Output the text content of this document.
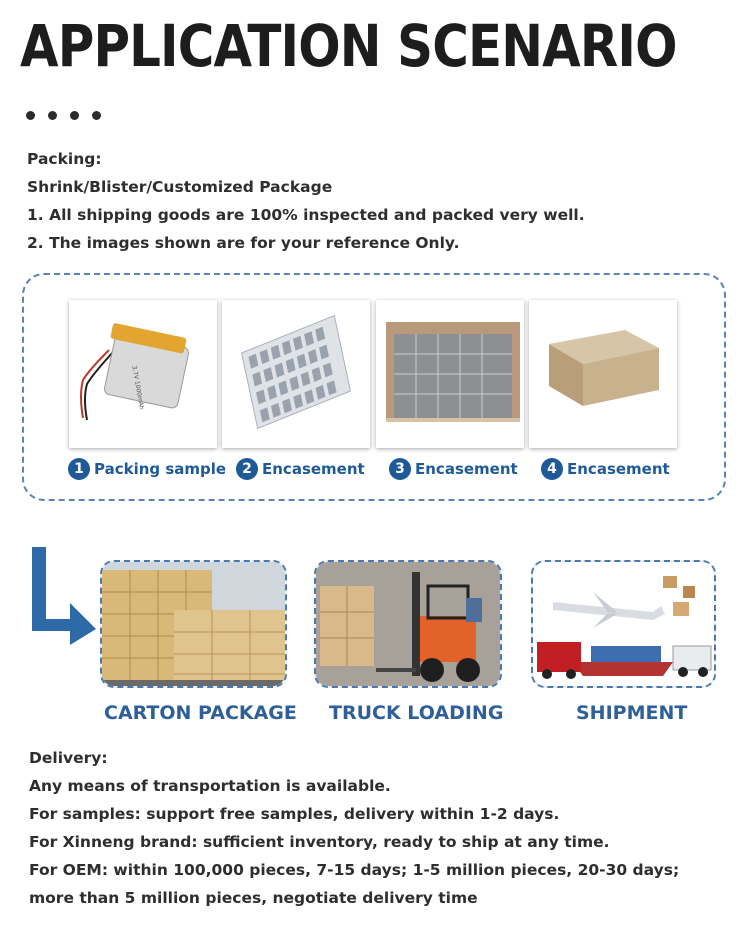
APPLICATION SCENARIO
Packing:
Shrink/Blister/Customized Package
1. All shipping goods are 100% inspected and packed very well.
2. The images shown are for your reference Only.
3.7V 1000mAh
1 Packing sample	2 Encasement	3 Encasement	4 Encasement
CARTON PACKAGE TRUCK LOADING	SHIPMENT
Delivery:
Any means of transportation is available.
For samples: support free samples, delivery within 1-2 days.
For Xinneng brand: sufficient inventory, ready to ship at any time.
For OEM: within 100,000 pieces, 7-15 days; 1-5 million pieces, 20-30 days;
more than 5 million pieces, negotiate delivery time
